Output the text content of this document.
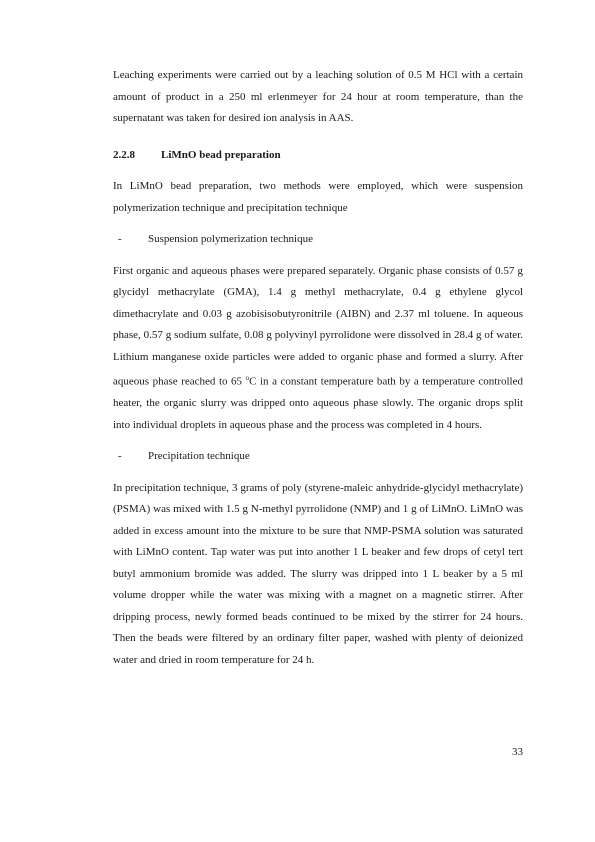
Leaching experiments were carried out by a leaching solution of 0.5 M HCl with a certain amount of product in a 250 ml erlenmeyer for 24 hour at room temperature, than the supernatant was taken for desired ion analysis in AAS.

2.2.8 LiMnO bead preparation

In LiMnO bead preparation, two methods were employed, which were suspension polymerization technique and precipitation technique

- Suspension polymerization technique

First organic and aqueous phases were prepared separately. Organic phase consists of 0.57 g glycidyl methacrylate (GMA), 1.4 g methyl methacrylate, 0.4 g ethylene glycol dimethacrylate and 0.03 g azobisisobutyronitrile (AIBN) and 2.37 ml toluene. In aqueous phase, 0.57 g sodium sulfate, 0.08 g polyvinyl pyrrolidone were dissolved in 28.4 g of water. Lithium manganese oxide particles were added to organic phase and formed a slurry. After aqueous phase reached to 65 $^o$C in a constant temperature bath by a temperature controlled heater, the organic slurry was dripped onto aqueous phase slowly. The organic drops split into individual droplets in aqueous phase and the process was completed in 4 hours.

- Precipitation technique

In precipitation technique, 3 grams of poly (styrene-maleic anhydride-glycidyl methacrylate) (PSMA) was mixed with 1.5 g N-methyl pyrrolidone (NMP) and 1 g of LiMnO. LiMnO was added in excess amount into the mixture to be sure that NMP-PSMA solution was saturated with LiMnO content. Tap water was put into another 1 L beaker and few drops of cetyl tert butyl ammonium bromide was added. The slurry was dripped into 1 L beaker by a 5 ml volume dropper while the water was mixing with a magnet on a magnetic stirrer. After dripping process, newly formed beads continued to be mixed by the stirrer for 24 hours. Then the beads were filtered by an ordinary filter paper, washed with plenty of deionized water and dried in room temperature for 24 h.

33
